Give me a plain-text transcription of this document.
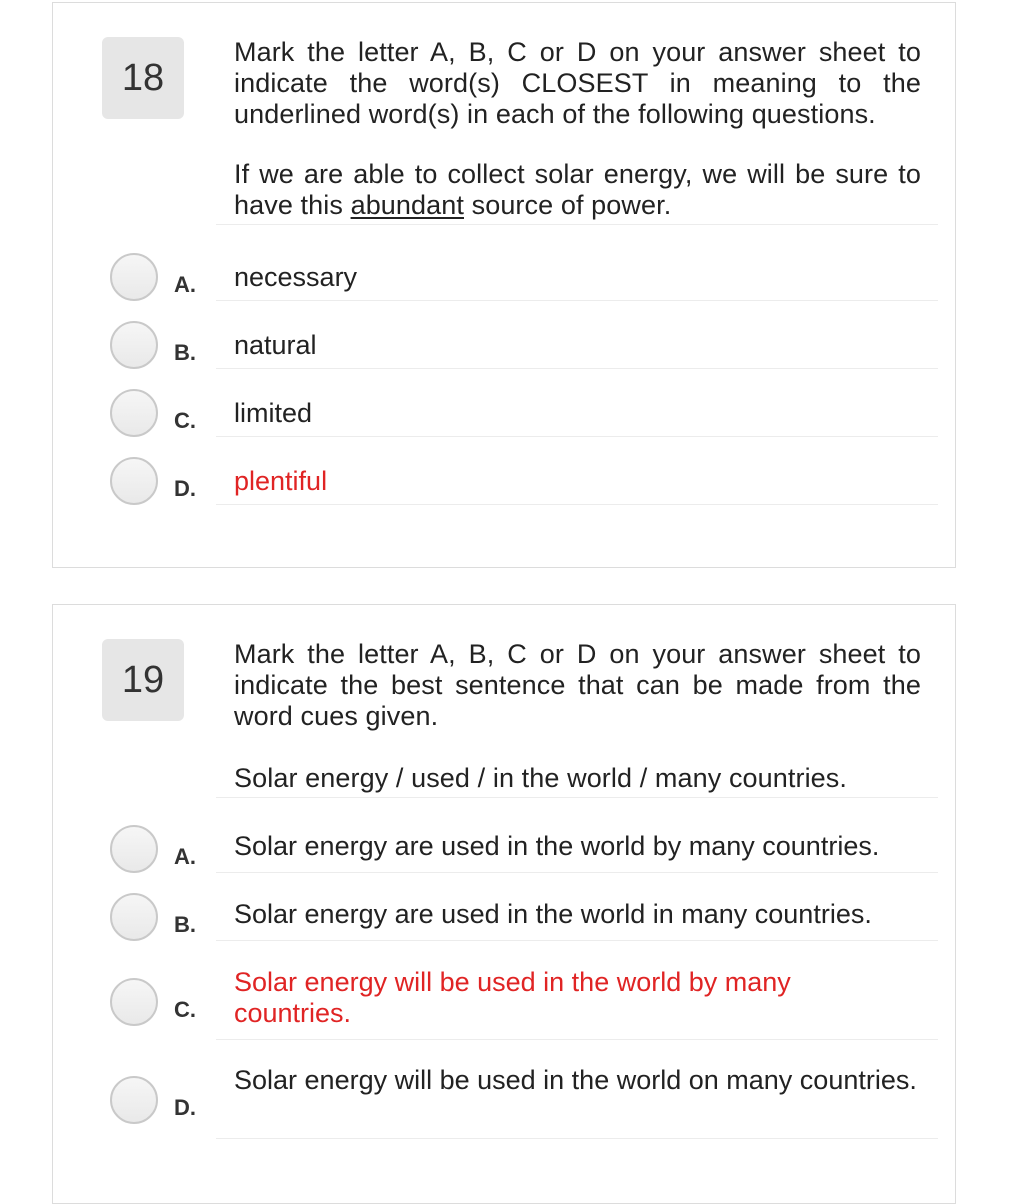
18
Mark the letter A, B, C or D on your answer sheet to indicate the word(s) CLOSEST in meaning to the underlined word(s) in each of the following questions.
If we are able to collect solar energy, we will be sure to have this abundant source of power.
A. necessary
B. natural
C. limited
D. plentiful
19
Mark the letter A, B, C or D on your answer sheet to indicate the best sentence that can be made from the word cues given.
Solar energy / used / in the world / many countries.
A. Solar energy are used in the world by many countries.
B. Solar energy are used in the world in many countries.
C.
Solar energy will be used in the world by many countries.
D.
Solar energy will be used in the world on many countries.
